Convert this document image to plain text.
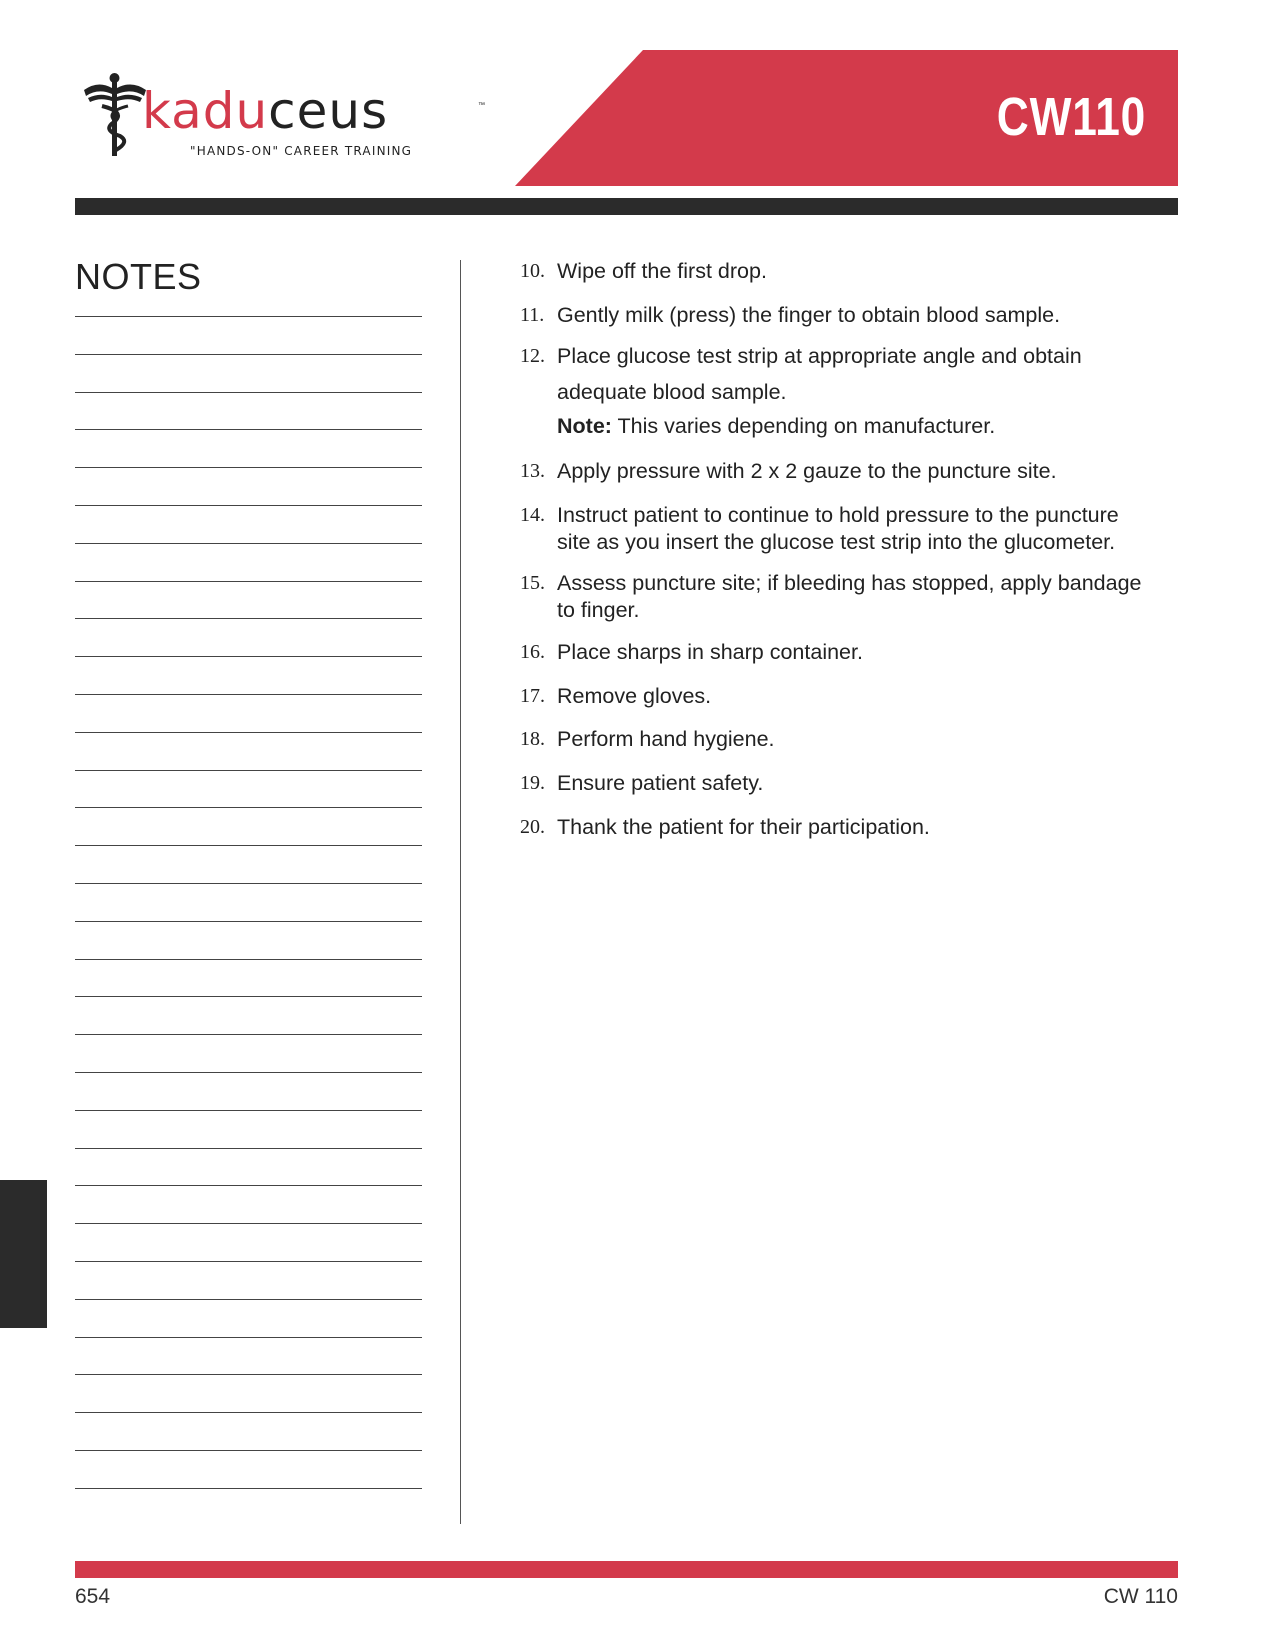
kaduceus	™
"HANDS-ON" CAREER TRAINING
CW110
NOTES	10. Wipe off the first drop.
11. Gently milk (press) the finger to obtain blood sample.
12. Place glucose test strip at appropriate angle and obtain
adequate blood sample.
Note: This varies depending on manufacturer.
13. Apply pressure with 2 x 2 gauze to the puncture site.
14. Instruct patient to continue to hold pressure to the puncture
site as you insert the glucose test strip into the glucometer.
15. Assess puncture site; if bleeding has stopped, apply bandage
to finger.
16. Place sharps in sharp container.
17. Remove gloves.
18. Perform hand hygiene.
19. Ensure patient safety.
20. Thank the patient for their participation.
654	CW 110
